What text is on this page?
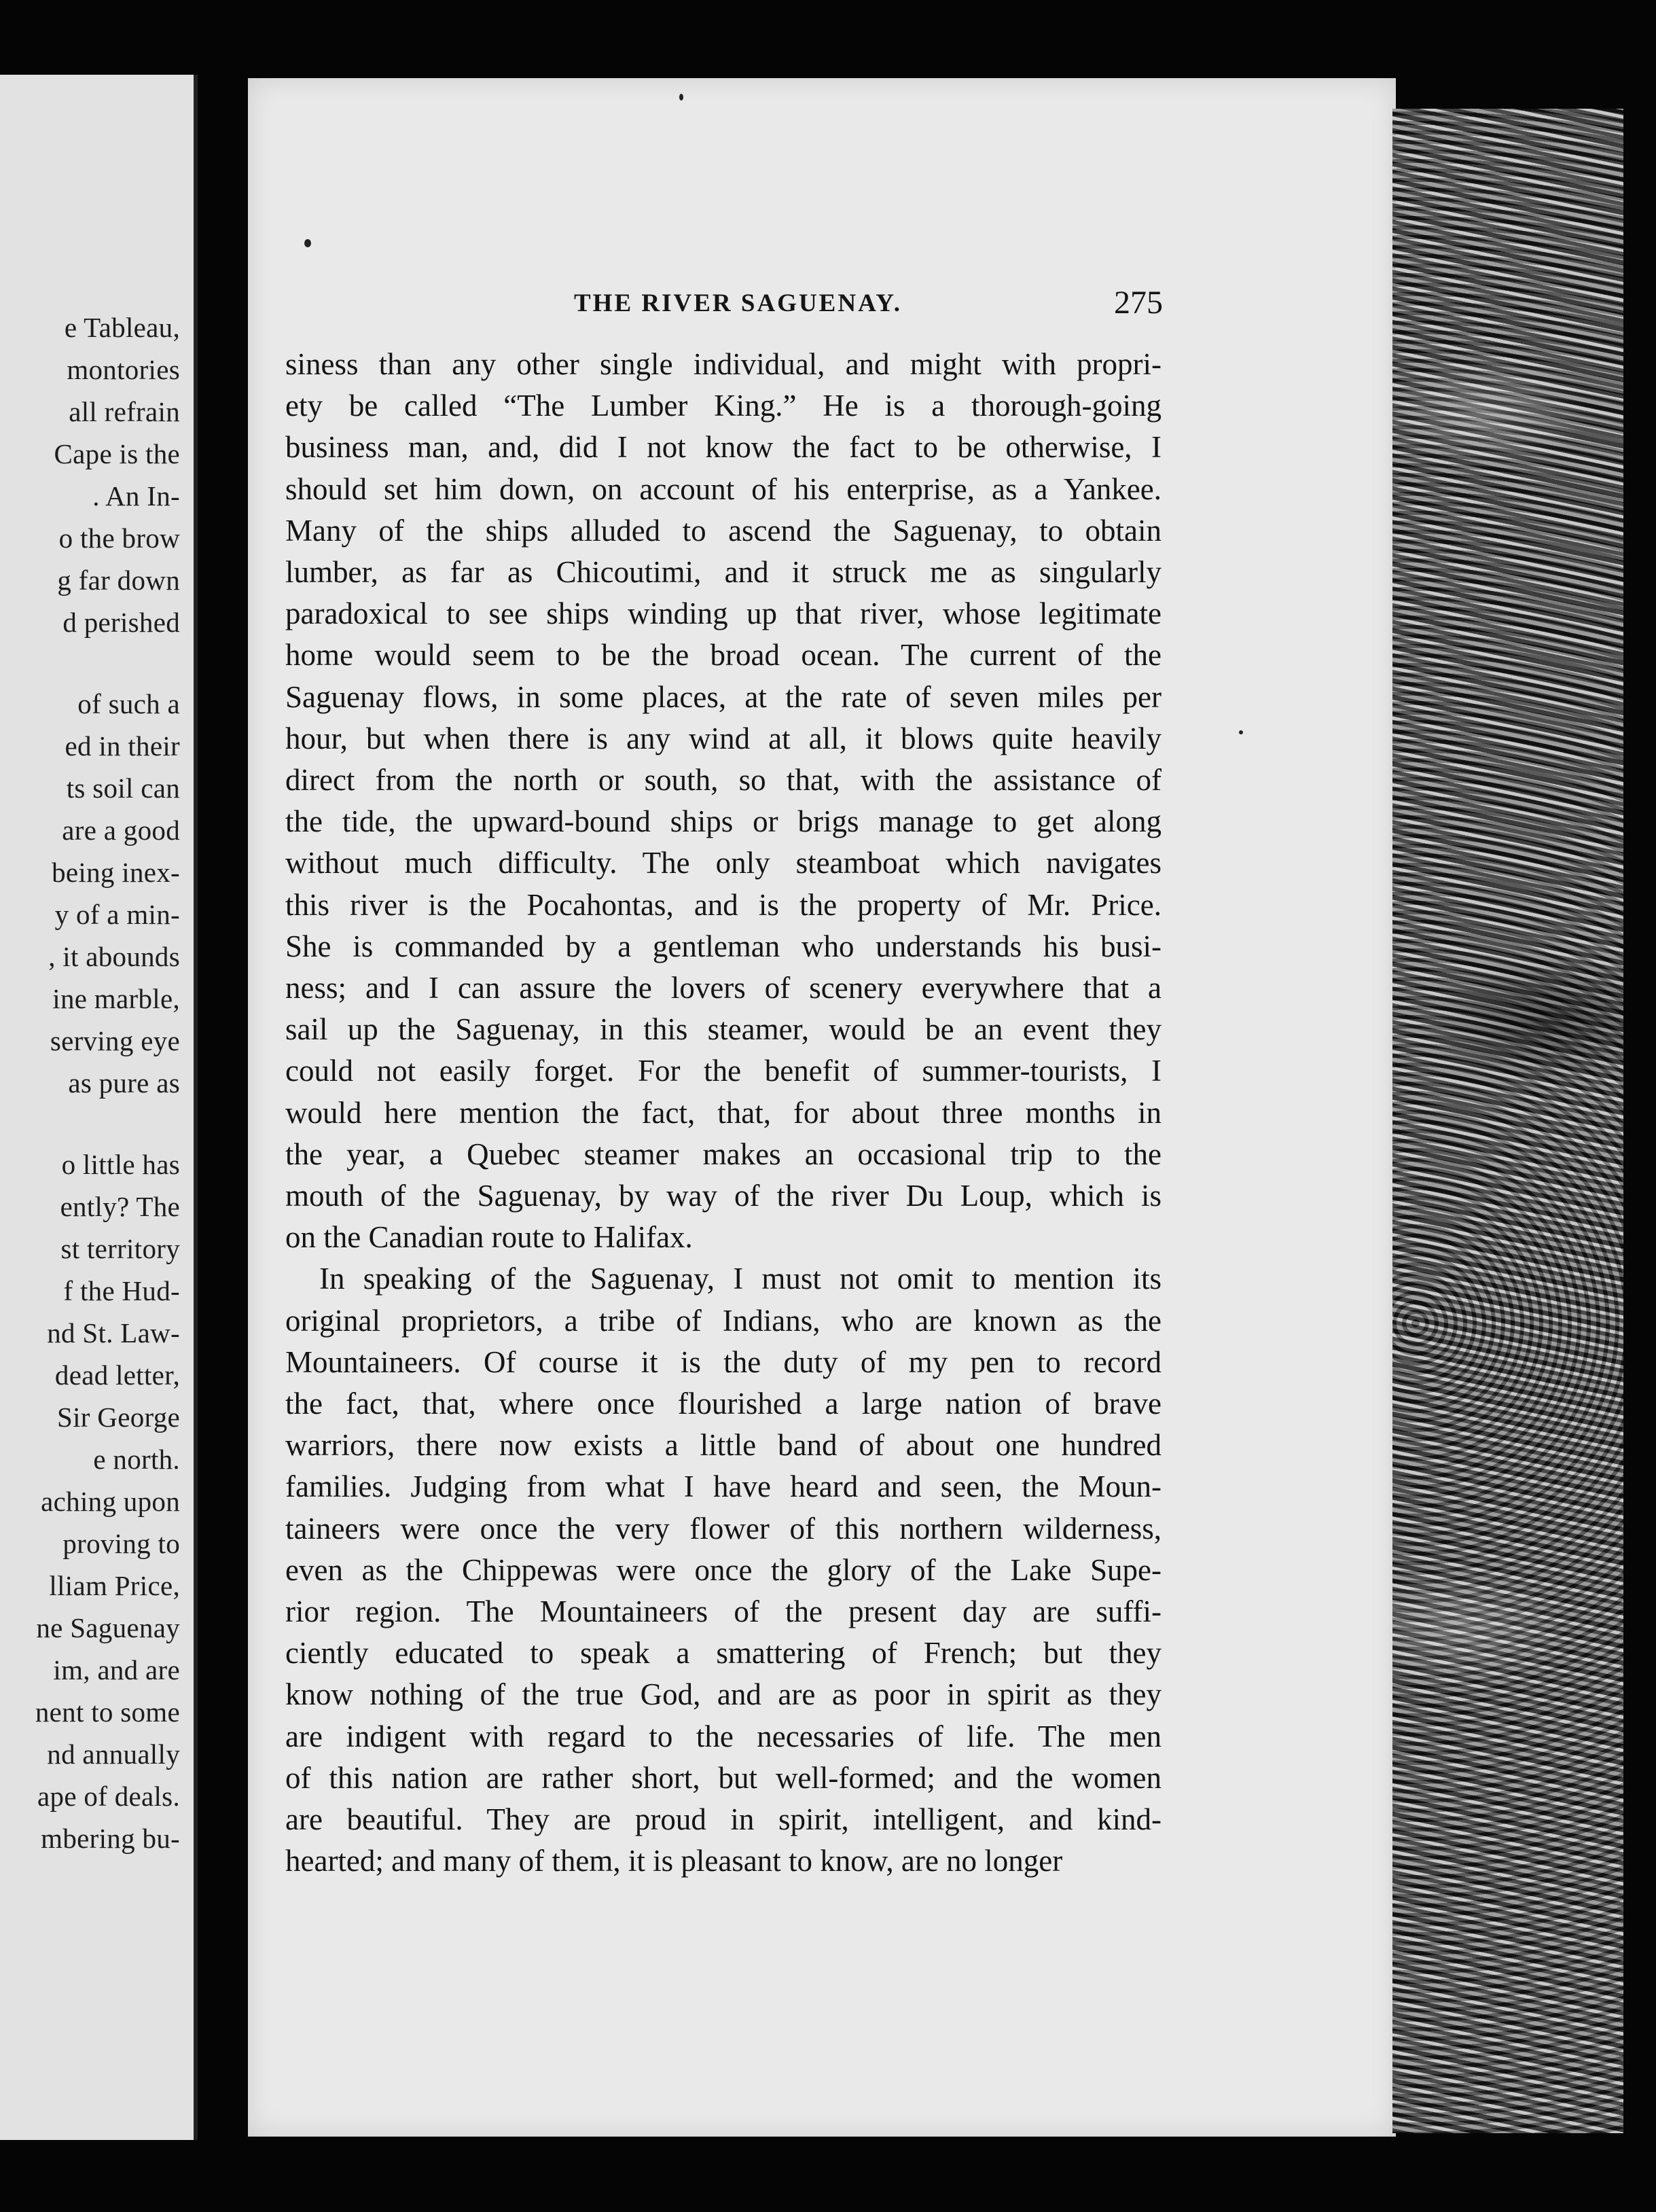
e Tableau,
montories
all refrain
Cape is the
. An In-
o the brow
g far down
d perished
of such a
ed in their
ts soil can
are a good
being inex-
y of a min-
, it abounds
ine marble,
serving eye
as pure as
o little has
ently? The
st territory
f the Hud-
nd St. Law-
dead letter,
Sir George
e north.
aching upon
proving to
lliam Price,
ne Saguenay
im, and are
nent to some
nd annually
ape of deals.
mbering bu-
THE RIVER SAGUENAY.	275
siness than any other single individual, and might with propri-
ety be called “The Lumber King.” He is a thorough-going
business man, and, did I not know the fact to be otherwise, I
should set him down, on account of his enterprise, as a Yankee.
Many of the ships alluded to ascend the Saguenay, to obtain
lumber, as far as Chicoutimi, and it struck me as singularly
paradoxical to see ships winding up that river, whose legitimate
home would seem to be the broad ocean. The current of the
Saguenay flows, in some places, at the rate of seven miles per
hour, but when there is any wind at all, it blows quite heavily
direct from the north or south, so that, with the assistance of
the tide, the upward-bound ships or brigs manage to get along
without much difficulty. The only steamboat which navigates
this river is the Pocahontas, and is the property of Mr. Price.
She is commanded by a gentleman who understands his busi-
ness; and I can assure the lovers of scenery everywhere that a
sail up the Saguenay, in this steamer, would be an event they
could not easily forget. For the benefit of summer-tourists, I
would here mention the fact, that, for about three months in
the year, a Quebec steamer makes an occasional trip to the
mouth of the Saguenay, by way of the river Du Loup, which is
on the Canadian route to Halifax.
In speaking of the Saguenay, I must not omit to mention its
original proprietors, a tribe of Indians, who are known as the
Mountaineers. Of course it is the duty of my pen to record
the fact, that, where once flourished a large nation of brave
warriors, there now exists a little band of about one hundred
families. Judging from what I have heard and seen, the Moun-
taineers were once the very flower of this northern wilderness,
even as the Chippewas were once the glory of the Lake Supe-
rior region. The Mountaineers of the present day are suffi-
ciently educated to speak a smattering of French; but they
know nothing of the true God, and are as poor in spirit as they
are indigent with regard to the necessaries of life. The men
of this nation are rather short, but well-formed; and the women
are beautiful. They are proud in spirit, intelligent, and kind-
hearted; and many of them, it is pleasant to know, are no longer
